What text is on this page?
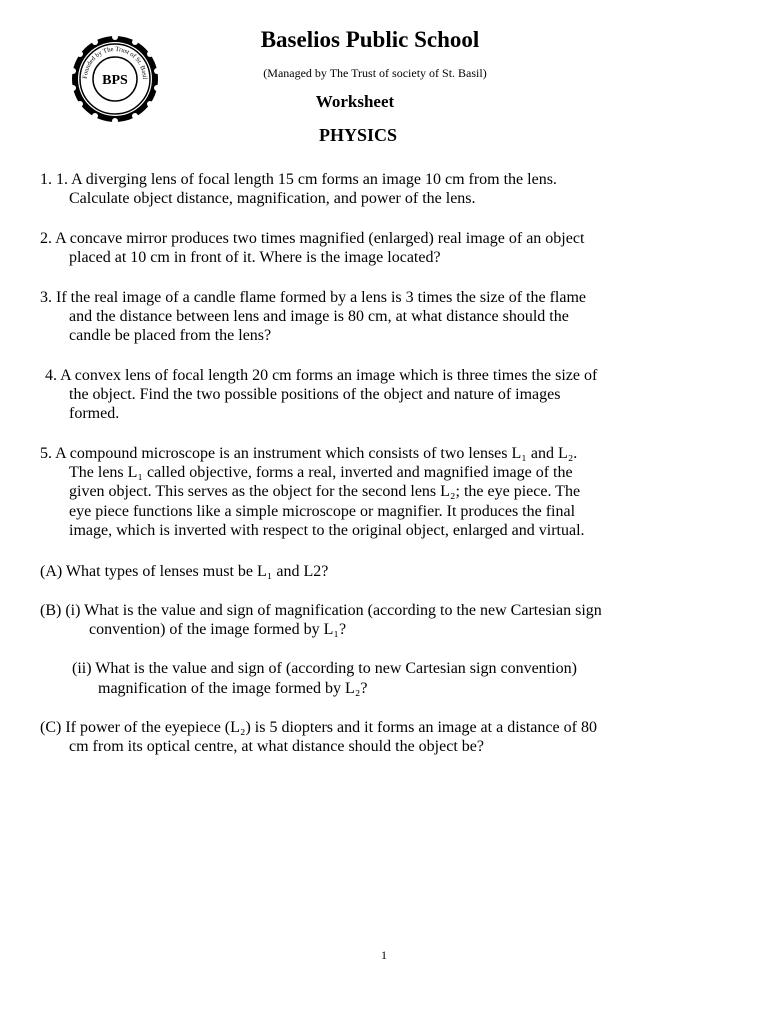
Founded by The Trust of St. Basil
BPS
Baselios Public School
(Managed by The Trust of society of St. Basil)
Worksheet
PHYSICS
1. 1. A diverging lens of focal length 15 cm forms an image 10 cm from the lens.
Calculate object distance, magnification, and power of the lens.
2. A concave mirror produces two times magnified (enlarged) real image of an object
placed at 10 cm in front of it. Where is the image located?
3. If the real image of a candle flame formed by a lens is 3 times the size of the flame
and the distance between lens and image is 80 cm, at what distance should the
candle be placed from the lens?
4. A convex lens of focal length 20 cm forms an image which is three times the size of
the object. Find the two possible positions of the object and nature of images
formed.
5. A compound microscope is an instrument which consists of two lenses L₁ and L₂.
The lens L₁ called objective, forms a real, inverted and magnified image of the
given object. This serves as the object for the second lens L₂; the eye piece. The
eye piece functions like a simple microscope or magnifier. It produces the final
image, which is inverted with respect to the original object, enlarged and virtual.
(A) What types of lenses must be L₁ and L2?
(B) (i) What is the value and sign of magnification (according to the new Cartesian sign
convention) of the image formed by L₁?
(ii) What is the value and sign of (according to new Cartesian sign convention)
magnification of the image formed by L₂?
(C) If power of the eyepiece (L₂) is 5 diopters and it forms an image at a distance of 80
cm from its optical centre, at what distance should the object be?
1
